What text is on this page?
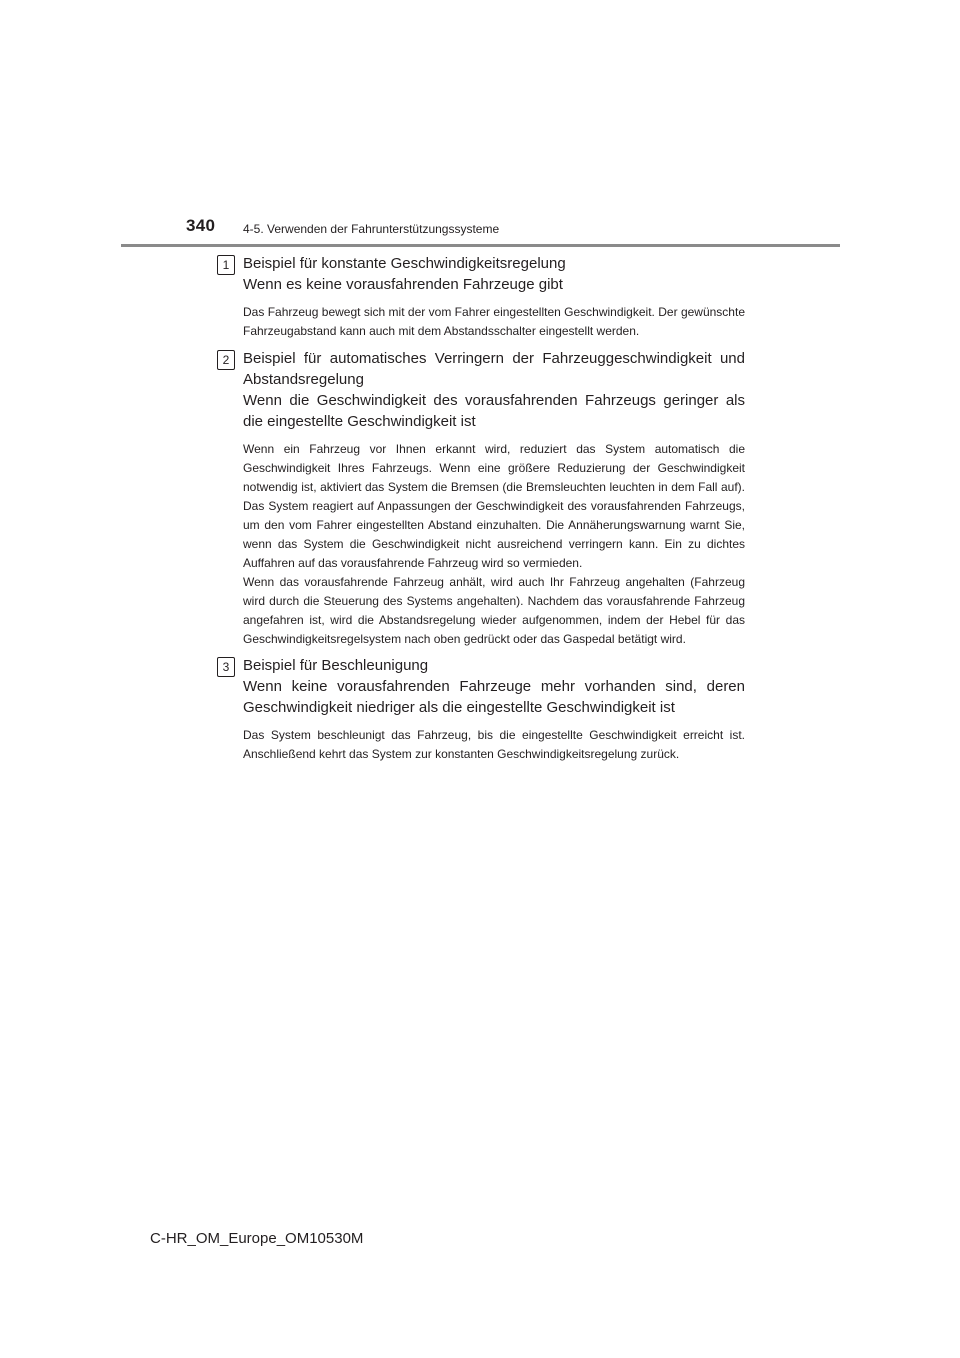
340 4-5. Verwenden der Fahrunterstützungssysteme
1 Beispiel für konstante Geschwindigkeitsregelung

Wenn es keine vorausfahrenden Fahrzeuge gibt

Das Fahrzeug bewegt sich mit der vom Fahrer eingestellten Geschwindigkeit. Der gewünschte Fahrzeugabstand kann auch mit dem Abstandsschalter eingestellt werden.

2 Beispiel für automatisches Verringern der Fahrzeuggeschwindigkeit und Abstandsregelung

Wenn die Geschwindigkeit des vorausfahrenden Fahrzeugs geringer als die eingestellte Geschwindigkeit ist

Wenn ein Fahrzeug vor Ihnen erkannt wird, reduziert das System automatisch die Geschwindigkeit Ihres Fahrzeugs. Wenn eine größere Reduzierung der Geschwindigkeit notwendig ist, aktiviert das System die Bremsen (die Bremsleuchten leuchten in dem Fall auf). Das System reagiert auf Anpassungen der Geschwindigkeit des vorausfahrenden Fahrzeugs, um den vom Fahrer eingestellten Abstand einzuhalten. Die Annäherungswarnung warnt Sie, wenn das System die Geschwindigkeit nicht ausreichend verringern kann. Ein zu dichtes Auffahren auf das vorausfahrende Fahrzeug wird so vermieden.

Wenn das vorausfahrende Fahrzeug anhält, wird auch Ihr Fahrzeug angehalten (Fahrzeug wird durch die Steuerung des Systems angehalten). Nachdem das vorausfahrende Fahrzeug angefahren ist, wird die Abstandsregelung wieder aufgenommen, indem der Hebel für das Geschwindigkeitsregelsystem nach oben gedrückt oder das Gaspedal betätigt wird.

3 Beispiel für Beschleunigung

Wenn keine vorausfahrenden Fahrzeuge mehr vorhanden sind, deren Geschwindigkeit niedriger als die eingestellte Geschwindigkeit ist

Das System beschleunigt das Fahrzeug, bis die eingestellte Geschwindigkeit erreicht ist. Anschließend kehrt das System zur konstanten Geschwindigkeitsregelung zurück.

C-HR_OM_Europe_OM10530M
